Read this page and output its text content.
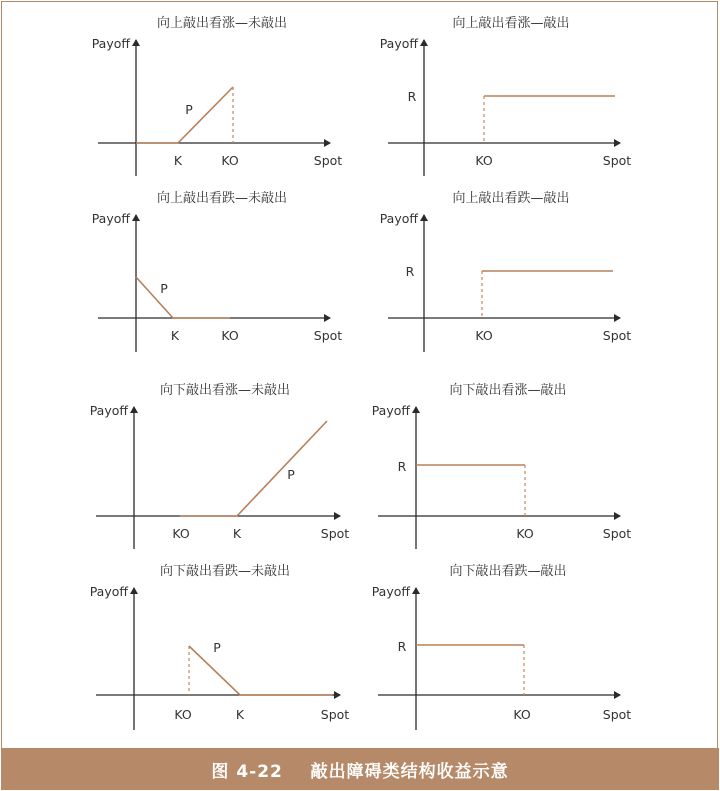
向上敲出看涨—未敲出
Payoff
P
K	KO	Spot
向上敲出看涨—敲出
Payoff
R
KO	Spot
向上敲出看跌—未敲出
Payoff
P
K	KO	Spot
向上敲出看跌—敲出
Payoff
R
KO	Spot
向下敲出看涨—未敲出
Payoff
P
KO	K	Spot
向下敲出看涨—敲出
Payoff
R
KO	Spot
向下敲出看跌—未敲出
Payoff
P
KO	K	Spot
向下敲出看跌—敲出
Payoff
R
KO	Spot
图 4-22
敲出障碍类结构收益示意
